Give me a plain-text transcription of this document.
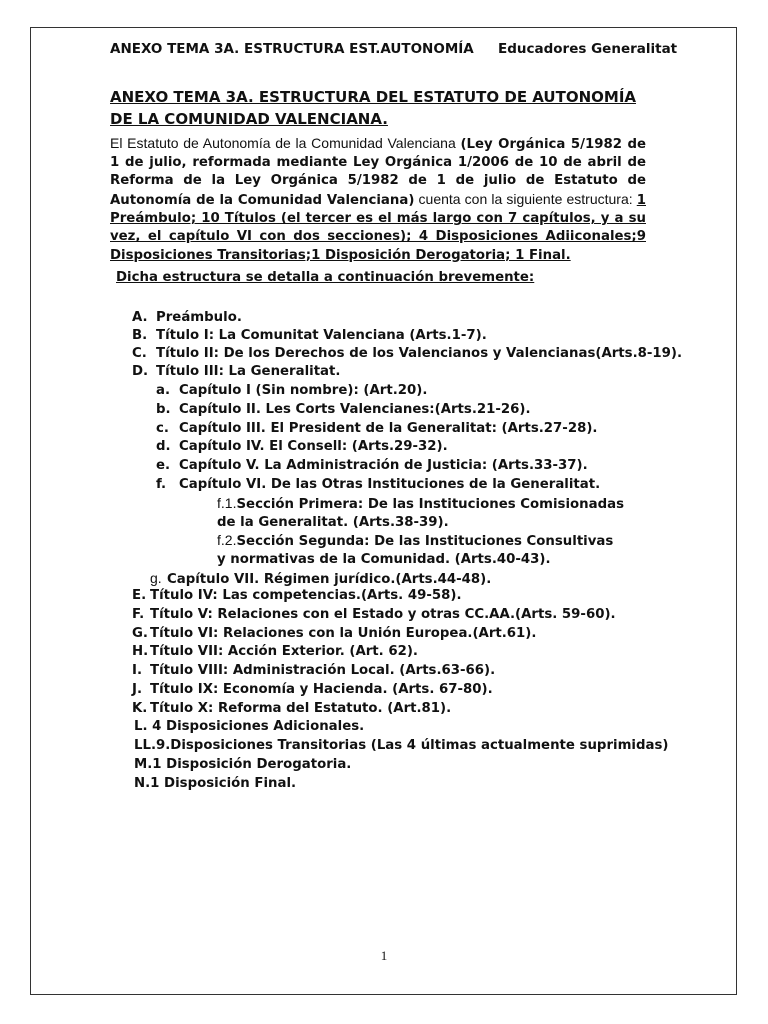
ANEXO TEMA 3A. ESTRUCTURA EST.AUTONOMÍA Educadores Generalitat
ANEXO TEMA 3A. ESTRUCTURA DEL ESTATUTO DE AUTONOMÍA
DE LA COMUNIDAD VALENCIANA.
El Estatuto de Autonomía de la Comunidad Valenciana (Ley Orgánica 5/1982 de 1 de julio, reformada mediante Ley Orgánica 1/2006 de 10 de abril de Reforma de la Ley Orgánica 5/1982 de 1 de julio de Estatuto de Autonomía de la Comunidad Valenciana) cuenta con la siguiente estructura: 1 Preámbulo; 10 Títulos (el tercer es el más largo con 7 capítulos, y a su vez, el capítulo VI con dos secciones); 4 Disposiciones Adiiconales;9 Disposiciones Transitorias;1 Disposición Derogatoria; 1 Final.
Dicha estructura se detalla a continuación brevemente:
A. Preámbulo.
B. Título I: La Comunitat Valenciana (Arts.1-7).
C. Título II: De los Derechos de los Valencianos y Valencianas(Arts.8-19).
D. Título III: La Generalitat.
a. Capítulo I (Sin nombre): (Art.20).
b. Capítulo II. Les Corts Valencianes:(Arts.21-26).
c. Capítulo III. El President de la Generalitat: (Arts.27-28).
d. Capítulo IV. El Consell: (Arts.29-32).
e. Capítulo V. La Administración de Justicia: (Arts.33-37).
f. Capítulo VI. De las Otras Instituciones de la Generalitat.
f.1.Sección Primera: De las Instituciones Comisionadas de la Generalitat. (Arts.38-39).
f.2.Sección Segunda: De las Instituciones Consultivas y normativas de la Comunidad. (Arts.40-43).
g. Capítulo VII. Régimen jurídico.(Arts.44-48).
E. Título IV: Las competencias.(Arts. 49-58).
F. Título V: Relaciones con el Estado y otras CC.AA.(Arts. 59-60).
G. Título VI: Relaciones con la Unión Europea.(Art.61).
H. Título VII: Acción Exterior. (Art. 62).
I. Título VIII: Administración Local. (Arts.63-66).
J. Título IX: Economía y Hacienda. (Arts. 67-80).
K. Título X: Reforma del Estatuto. (Art.81).
L. 4 Disposiciones Adicionales.
LL.9.Disposiciones Transitorias (Las 4 últimas actualmente suprimidas)
M.1 Disposición Derogatoria.
N.1 Disposición Final.
1
